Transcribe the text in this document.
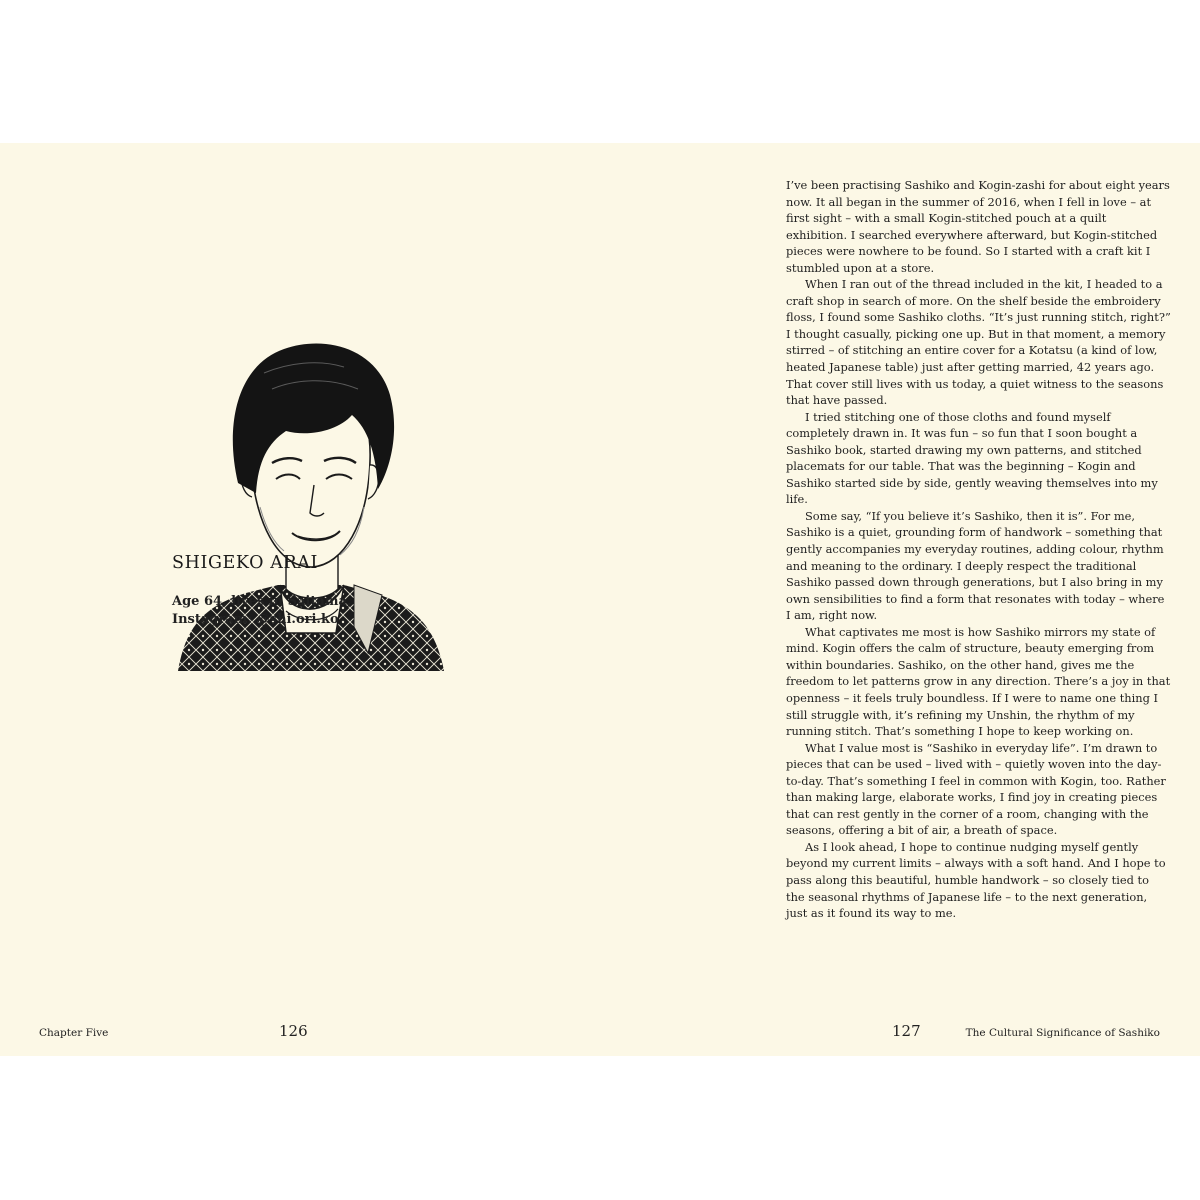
SHIGEKO ARAI
Age 64, lives in Saitama,
Instagram: @shi.ori.ko

I’ve been practising Sashiko and Kogin-zashi for about eight years now. It all began in the summer of 2016, when I fell in love – at first sight – with a small Kogin-stitched pouch at a quilt exhibition. I searched everywhere afterward, but Kogin-stitched pieces were nowhere to be found. So I started with a craft kit I stumbled upon at a store.

When I ran out of the thread included in the kit, I headed to a craft shop in search of more. On the shelf beside the embroidery floss, I found some Sashiko cloths. “It’s just running stitch, right?” I thought casually, picking one up. But in that moment, a memory stirred – of stitching an entire cover for a Kotatsu (a kind of low, heated Japanese table) just after getting married, 42 years ago. That cover still lives with us today, a quiet witness to the seasons that have passed.

I tried stitching one of those cloths and found myself completely drawn in. It was fun – so fun that I soon bought a Sashiko book, started drawing my own patterns, and stitched placemats for our table. That was the beginning – Kogin and Sashiko started side by side, gently weaving themselves into my life.

Some say, “If you believe it’s Sashiko, then it is”. For me, Sashiko is a quiet, grounding form of handwork – something that gently accompanies my everyday routines, adding colour, rhythm and meaning to the ordinary. I deeply respect the traditional Sashiko passed down through generations, but I also bring in my own sensibilities to find a form that resonates with today – where I am, right now.

What captivates me most is how Sashiko mirrors my state of mind. Kogin offers the calm of structure, beauty emerging from within boundaries. Sashiko, on the other hand, gives me the freedom to let patterns grow in any direction. There’s a joy in that openness – it feels truly boundless. If I were to name one thing I still struggle with, it’s refining my Unshin, the rhythm of my running stitch. That’s something I hope to keep working on.

What I value most is “Sashiko in everyday life”. I’m drawn to pieces that can be used – lived with – quietly woven into the day-to-day. That’s something I feel in common with Kogin, too. Rather than making large, elaborate works, I find joy in creating pieces that can rest gently in the corner of a room, changing with the seasons, offering a bit of air, a breath of space.

As I look ahead, I hope to continue nudging myself gently beyond my current limits – always with a soft hand. And I hope to pass along this beautiful, humble handwork – so closely tied to the seasonal rhythms of Japanese life – to the next generation, just as it found its way to me.

Chapter Five	126	127	The Cultural Significance of Sashiko
